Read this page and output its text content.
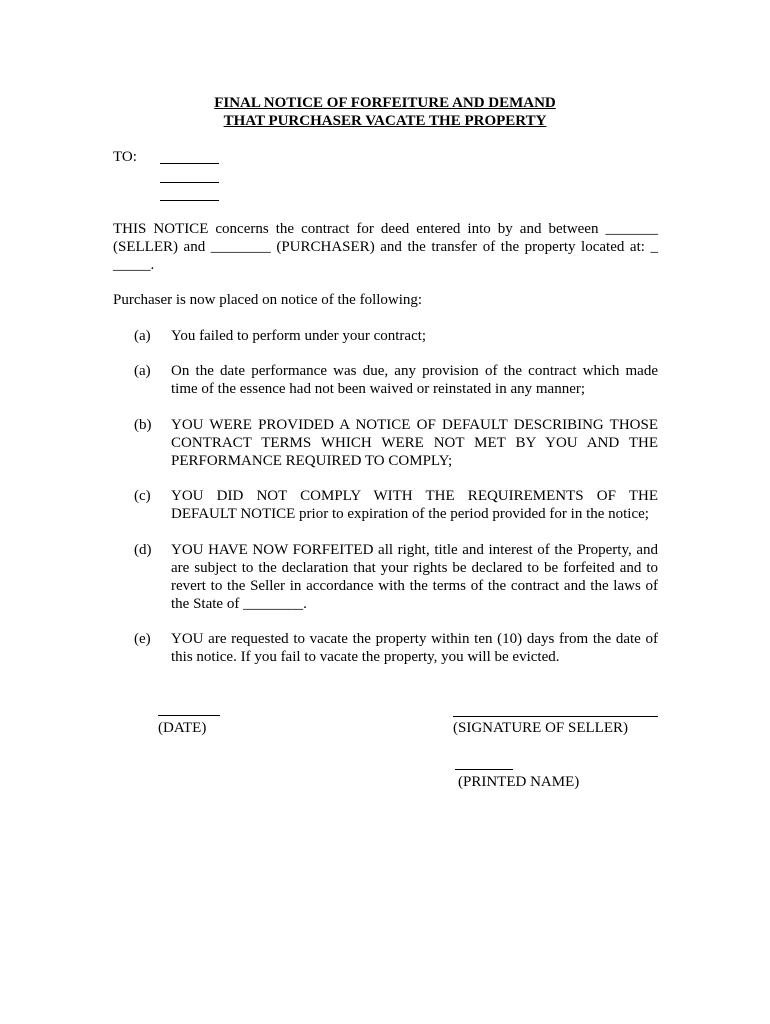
FINAL NOTICE OF FORFEITURE AND DEMAND
THAT PURCHASER VACATE THE PROPERTY
TO:
THIS NOTICE concerns the contract for deed entered into by and between _______
(SELLER) and ________ (PURCHASER) and the transfer of the property located at: _
_____.
Purchaser is now placed on notice of the following:
(a) You failed to perform under your contract;
(a) On the date performance was due, any provision of the contract which made
time of the essence had not been waived or reinstated in any manner;
(b) YOU WERE PROVIDED A NOTICE OF DEFAULT DESCRIBING THOSE
CONTRACT TERMS WHICH WERE NOT MET BY YOU AND THE
PERFORMANCE REQUIRED TO COMPLY;
(c) YOU DID NOT COMPLY WITH THE REQUIREMENTS OF THE
DEFAULT NOTICE prior to expiration of the period provided for in the notice;
(d) YOU HAVE NOW FORFEITED all right, title and interest of the Property, and
are subject to the declaration that your rights be declared to be forfeited and to
revert to the Seller in accordance with the terms of the contract and the laws of
the State of ________.
(e) YOU are requested to vacate the property within ten (10) days from the date of
this notice. If you fail to vacate the property, you will be evicted.
(DATE)	(SIGNATURE OF SELLER)
(PRINTED NAME)
